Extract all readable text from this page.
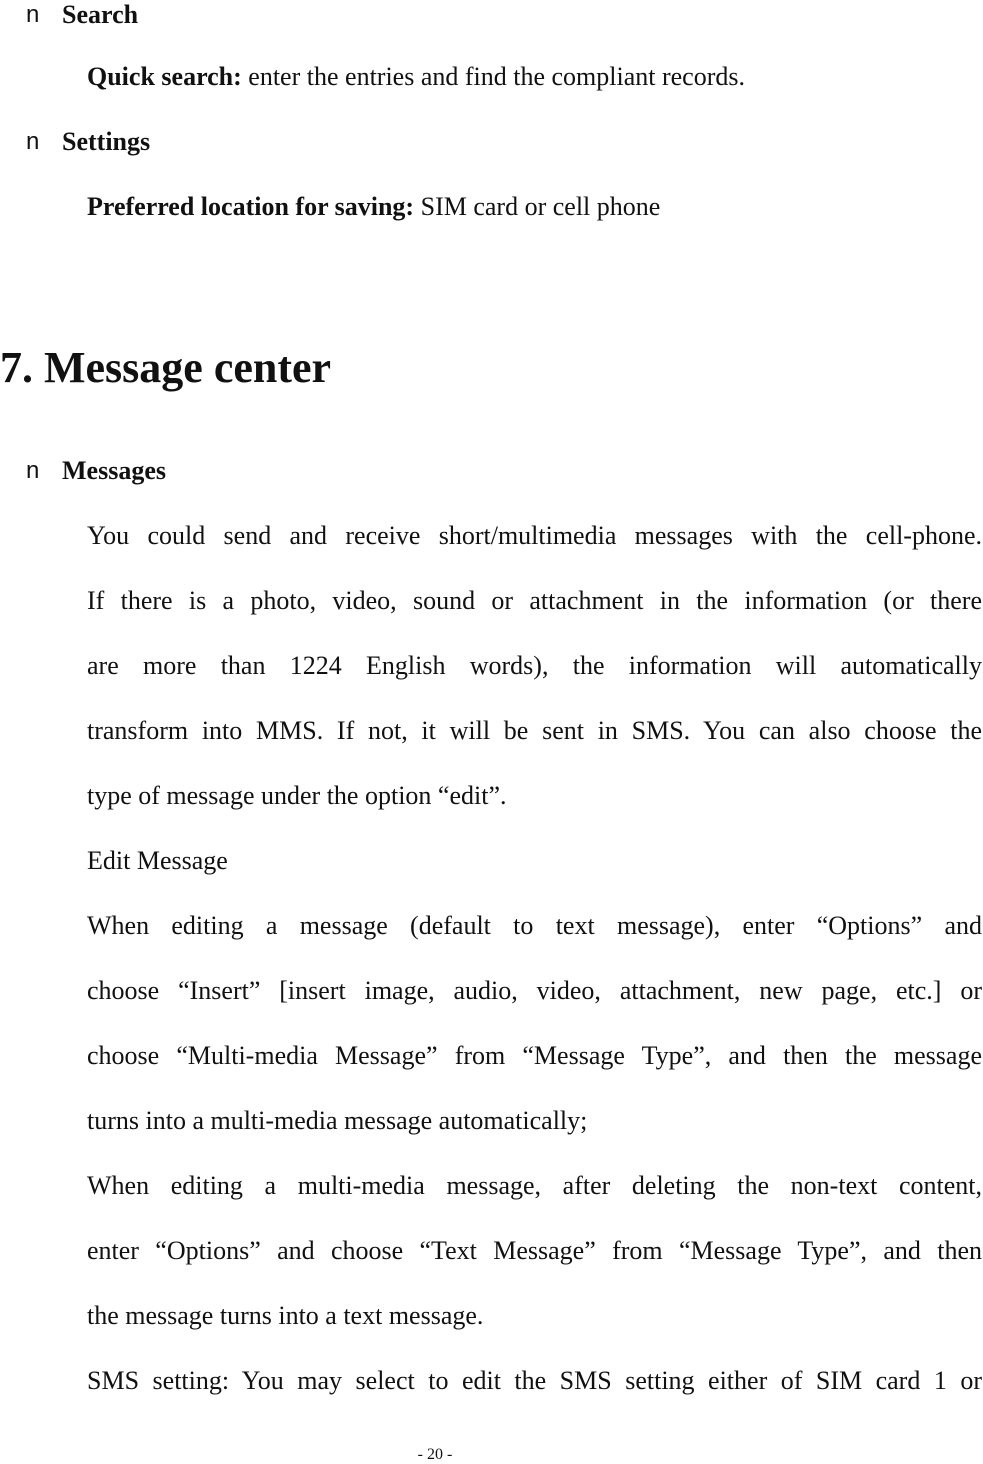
n Search
Quick search: enter the entries and find the compliant records.
n Settings
Preferred location for saving: SIM card or cell phone
7. Message center
n Messages
You could send and receive short/multimedia messages with the cell-phone.
If there is a photo, video, sound or attachment in the information (or there
are more than 1224 English words), the information will automatically
transform into MMS. If not, it will be sent in SMS. You can also choose the
type of message under the option “edit”.
Edit Message
When editing a message (default to text message), enter “Options” and
choose “Insert” [insert image, audio, video, attachment, new page, etc.] or
choose “Multi-media Message” from “Message Type”, and then the message
turns into a multi-media message automatically;
When editing a multi-media message, after deleting the non-text content,
enter “Options” and choose “Text Message” from “Message Type”, and then
the message turns into a text message.
SMS setting: You may select to edit the SMS setting either of SIM card 1 or
- 20 -
